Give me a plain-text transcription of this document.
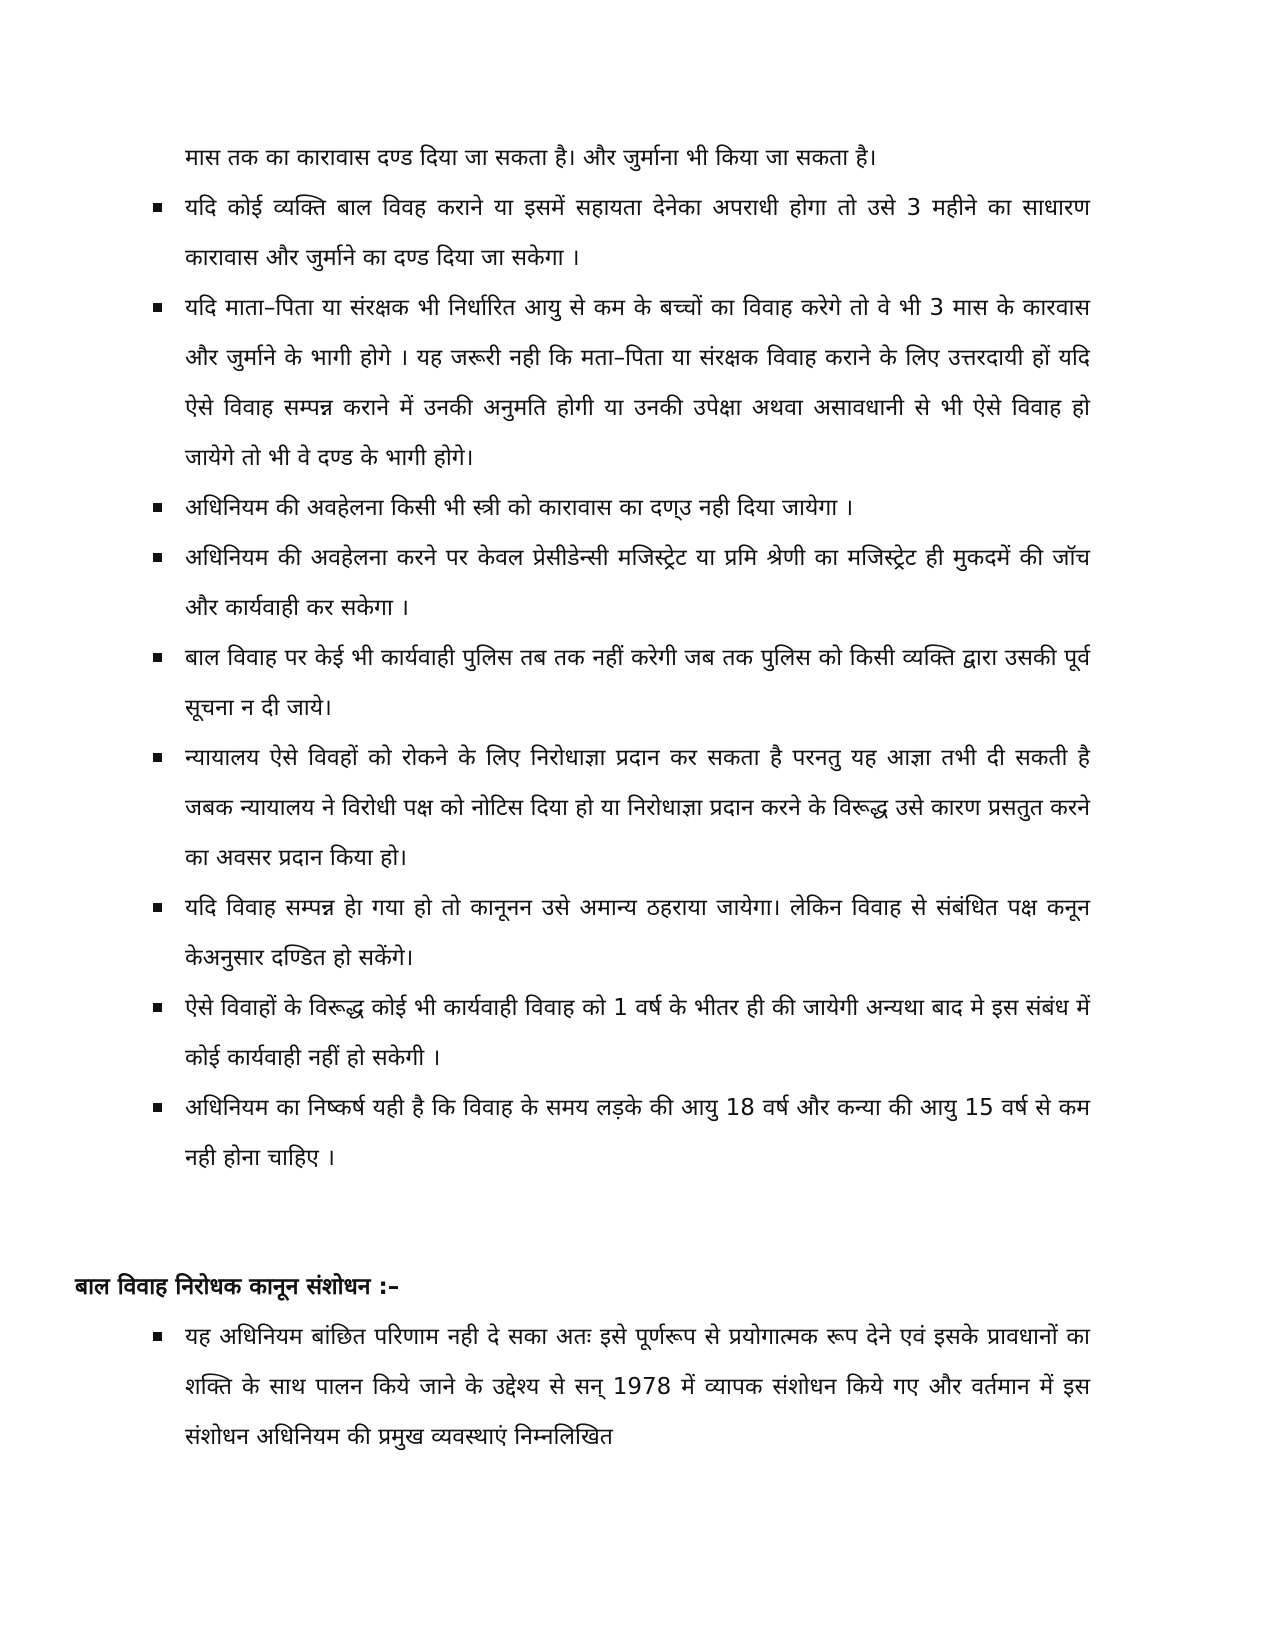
मास तक का कारावास दण्ड दिया जा सकता है। और जुर्माना भी किया जा सकता है।

यदि कोई व्यक्ति बाल विवह कराने या इसमें सहायता देनेका अपराधी होगा तो उसे 3 महीने का साधारण कारावास और जुर्माने का दण्ड दिया जा सकेगा ।
यदि माता–पिता या संरक्षक भी निर्धारित आयु से कम के बच्चों का विवाह करेगे तो वे भी 3 मास के कारवास और जुर्माने के भागी होगे । यह जरूरी नही कि मता–पिता या संरक्षक विवाह कराने के लिए उत्तरदायी हों यदि ऐसे विवाह सम्पन्न कराने में उनकी अनुमति होगी या उनकी उपेक्षा अथवा असावधानी से भी ऐसे विवाह हो जायेगे तो भी वे दण्ड के भागी होगे।
अधिनियम की अवहेलना किसी भी स्त्री को कारावास का दण्उ नही दिया जायेगा ।
अधिनियम की अवहेलना करने पर केवल प्रेसीडेन्सी मजिस्ट्रेट या प्रमि श्रेणी का मजिस्ट्रेट ही मुकदमें की जॉच और कार्यवाही कर सकेगा ।
बाल विवाह पर केई भी कार्यवाही पुलिस तब तक नहीं करेगी जब तक पुलिस को किसी व्यक्ति द्वारा उसकी पूर्व सूचना न दी जाये।
न्यायालय ऐसे विवहों को रोकने के लिए निरोधाज्ञा प्रदान कर सकता है परनतु यह आज्ञा तभी दी सकती है जबक न्यायालय ने विरोधी पक्ष को नोटिस दिया हो या निरोधाज्ञा प्रदान करने के विरूद्ध उसे कारण प्रसतुत करने का अवसर प्रदान किया हो।
यदि विवाह सम्पन्न हेा गया हो तो कानूनन उसे अमान्य ठहराया जायेगा। लेकिन विवाह से संबंधित पक्ष कनून केअनुसार दण्डित हो सकेंगे।
ऐसे विवाहों के विरूद्ध कोई भी कार्यवाही विवाह को 1 वर्ष के भीतर ही की जायेगी अन्यथा बाद मे इस संबंध में कोई कार्यवाही नहीं हो सकेगी ।
अधिनियम का निष्कर्ष यही है कि विवाह के समय लड़के की आयु 18 वर्ष और कन्या की आयु 15 वर्ष से कम नही होना चाहिए ।
बाल विवाह निरोधक कानून संशोधन :–
यह अधिनियम बांछित परिणाम नही दे सका अतः इसे पूर्णरूप से प्रयोगात्मक रूप देने एवं इसके प्रावधानों का शक्ति के साथ पालन किये जाने के उद्देश्य से सन् 1978 में व्यापक संशोधन किये गए और वर्तमान में इस संशोधन अधिनियम की प्रमुख व्यवस्थाएं निम्नलिखित
